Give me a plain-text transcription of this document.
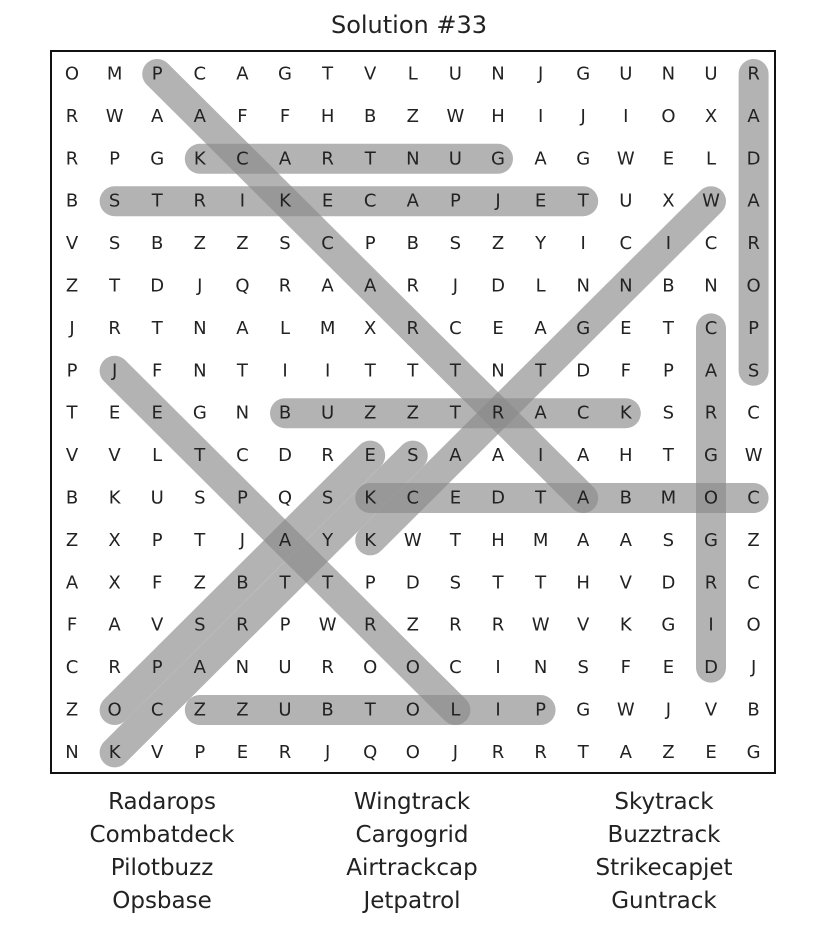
Solution #33
O M P C A G T V L U N J G U N U R
R W A A F F H B Z W H I J I O X A
R P G K C A R T N U G A G W E L D
B S T R I K E C A P J E T U X W A
V S B Z Z S C P B S Z Y I C I C R
Z T D J Q R A A R J D L N N B N O
J R T N A L M X R C E A G E T C P
P J F N T I I T T T N T D F P A S
T E E G N B U Z Z T R A C K S R C
V V L T C D R E S A A I A H T G W
B K U S P Q S K C E D T A B M O C
Z X P T J A Y K W T H M A A S G Z
A X F Z B T T P D S T T H V D R C
F A V S R P W R Z R R W V K G I O
C R P A N U R O O C I N S F E D J
Z O C Z Z U B T O L I P G W J V B
N K V P E R J Q O J R R T A Z E G
Radarops
Combatdeck
Pilotbuzz
Opsbase
Wingtrack
Cargogrid
Airtrackcap
Jetpatrol
Skytrack
Buzztrack
Strikecapjet
Guntrack
